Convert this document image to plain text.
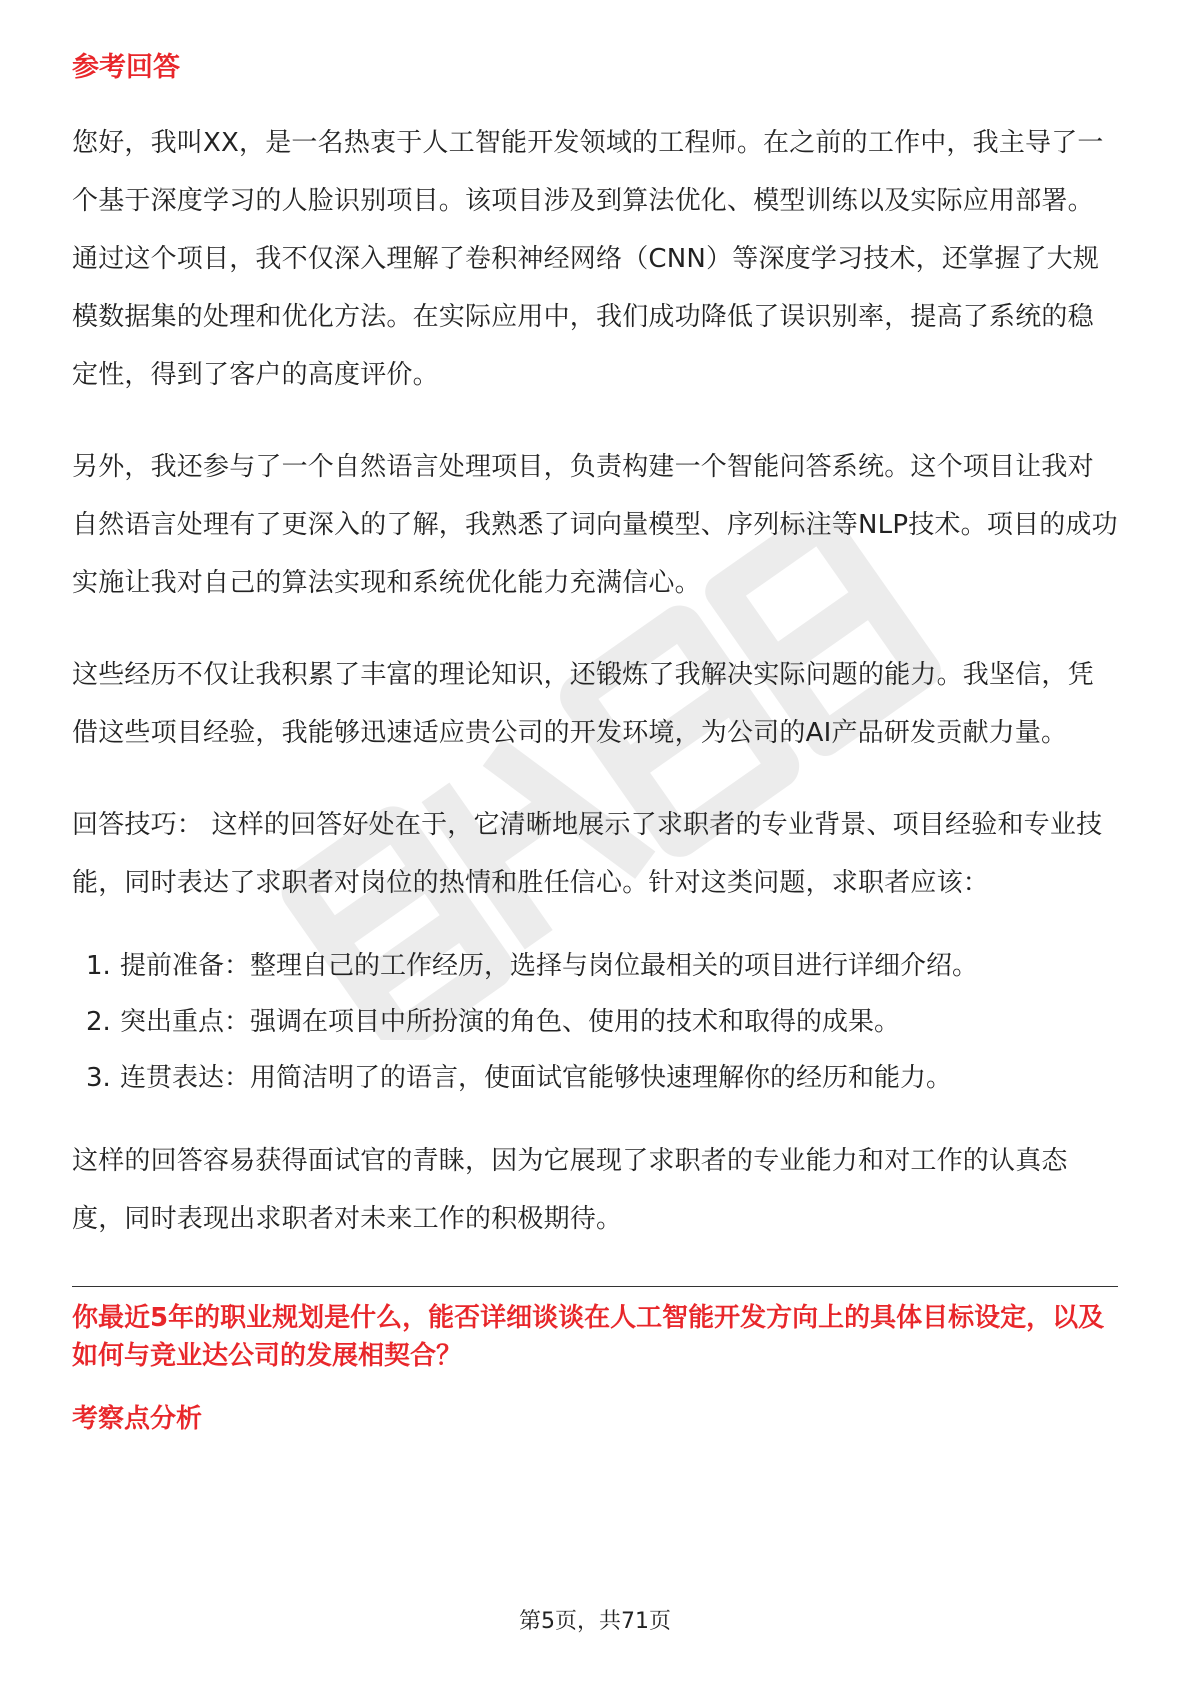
参考回答

您好，我叫XX，是一名热衷于人工智能开发领域的工程师。在之前的工作中，我主导了一个基于深度学习的人脸识别项目。该项目涉及到算法优化、模型训练以及实际应用部署。通过这个项目，我不仅深入理解了卷积神经网络（CNN）等深度学习技术，还掌握了大规模数据集的处理和优化方法。在实际应用中，我们成功降低了误识别率，提高了系统的稳定性，得到了客户的高度评价。

另外，我还参与了一个自然语言处理项目，负责构建一个智能问答系统。这个项目让我对自然语言处理有了更深入的了解，我熟悉了词向量模型、序列标注等NLP技术。项目的成功实施让我对自己的算法实现和系统优化能力充满信心。

这些经历不仅让我积累了丰富的理论知识，还锻炼了我解决实际问题的能力。我坚信，凭借这些项目经验，我能够迅速适应贵公司的开发环境，为公司的AI产品研发贡献力量。

回答技巧： 这样的回答好处在于，它清晰地展示了求职者的专业背景、项目经验和专业技能，同时表达了求职者对岗位的热情和胜任信心。针对这类问题，求职者应该：

1. 提前准备：整理自己的工作经历，选择与岗位最相关的项目进行详细介绍。
2. 突出重点：强调在项目中所扮演的角色、使用的技术和取得的成果。
3. 连贯表达：用简洁明了的语言，使面试官能够快速理解你的经历和能力。

这样的回答容易获得面试官的青睐，因为它展现了求职者的专业能力和对工作的认真态度，同时表现出求职者对未来工作的积极期待。

你最近5年的职业规划是什么，能否详细谈谈在人工智能开发方向上的具体目标设定，以及如何与竞业达公司的发展相契合？

考察点分析

第5页，共71页
